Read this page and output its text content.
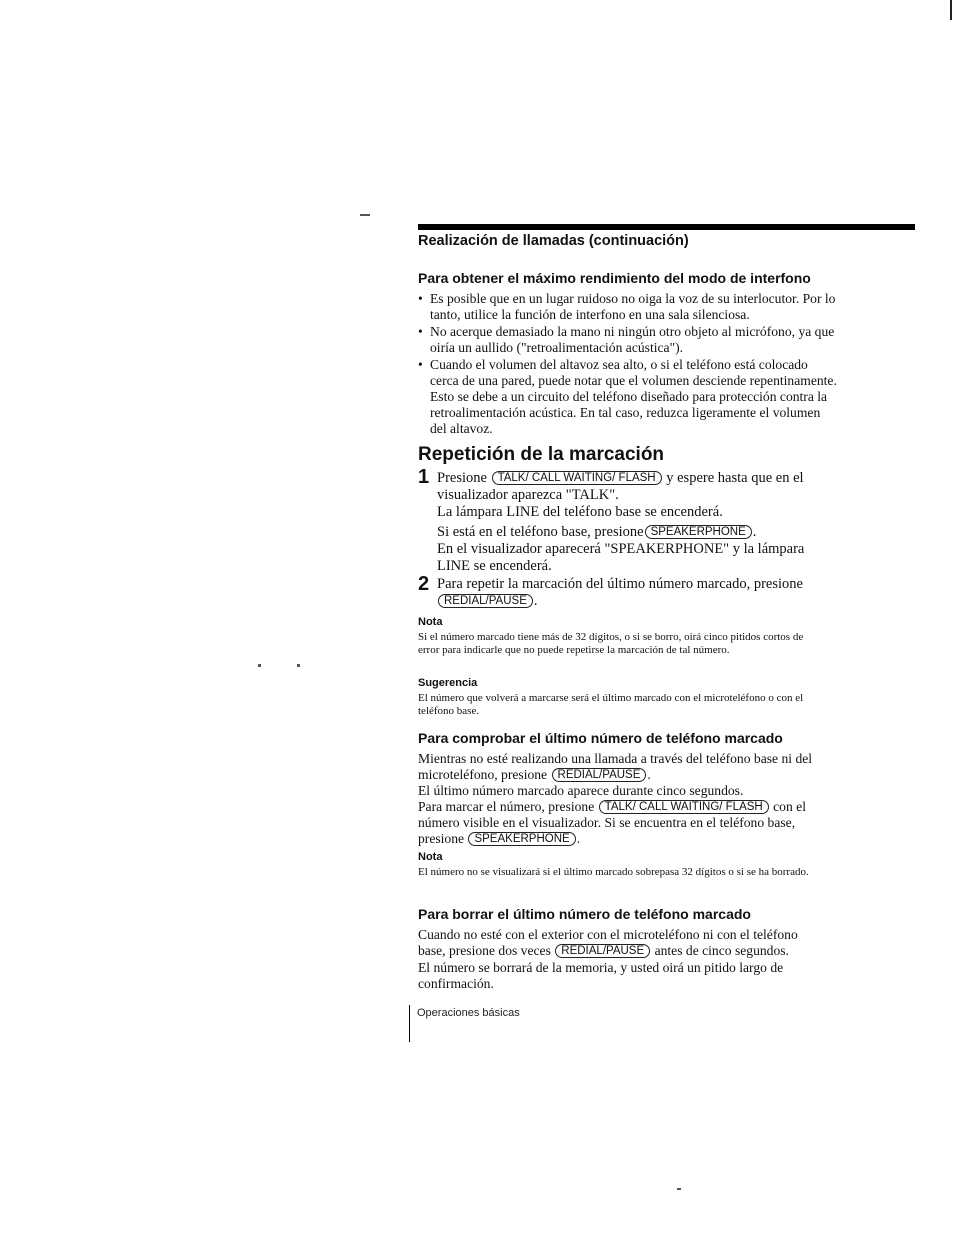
Realización de llamadas (continuación)
Para obtener el máximo rendimiento del modo de interfono
• Es posible que en un lugar ruidoso no oiga la voz de su interlocutor. Por lo tanto, utilice la función de interfono en una sala silenciosa.
• No acerque demasiado la mano ni ningún otro objeto al micrófono, ya que oiría un aullido ("retroalimentación acústica").
• Cuando el volumen del altavoz sea alto, o si el teléfono está colocado cerca de una pared, puede notar que el volumen desciende repentinamente. Esto se debe a un circuito del teléfono diseñado para protección contra la retroalimentación acústica. En tal caso, reduzca ligeramente el volumen del altavoz.
Repetición de la marcación
1 Presione TALK/ CALL WAITING/ FLASH y espere hasta que en el visualizador aparezca "TALK".
La lámpara LINE del teléfono base se encenderá.
Si está en el teléfono base, presione SPEAKERPHONE .
En el visualizador aparecerá "SPEAKERPHONE" y la lámpara LINE se encenderá.
2 Para repetir la marcación del último número marcado, presione REDIAL/PAUSE .
Nota
Si el número marcado tiene más de 32 dígitos, o si se borro, oirá cinco pitidos cortos de error para indicarle que no puede repetirse la marcación de tal número.
Sugerencia
El número que volverá a marcarse será el último marcado con el microteléfono o con el teléfono base.
Para comprobar el último número de teléfono marcado

Mientras no esté realizando una llamada a través del teléfono base ni del microteléfono, presione REDIAL/PAUSE .

El último número marcado aparece durante cinco segundos.

Para marcar el número, presione TALK/ CALL WAITING/ FLASH con el número visible en el visualizador. Si se encuentra en el teléfono base, presione SPEAKERPHONE .

Nota
El número no se visualizará si el último marcado sobrepasa 32 dígitos o si se ha borrado.
Para borrar el último número de teléfono marcado

Cuando no esté con el exterior con el microteléfono ni con el teléfono base, presione dos veces REDIAL/PAUSE antes de cinco segundos.

El número se borrará de la memoria, y usted oirá un pitido largo de confirmación.

Operaciones básicas
